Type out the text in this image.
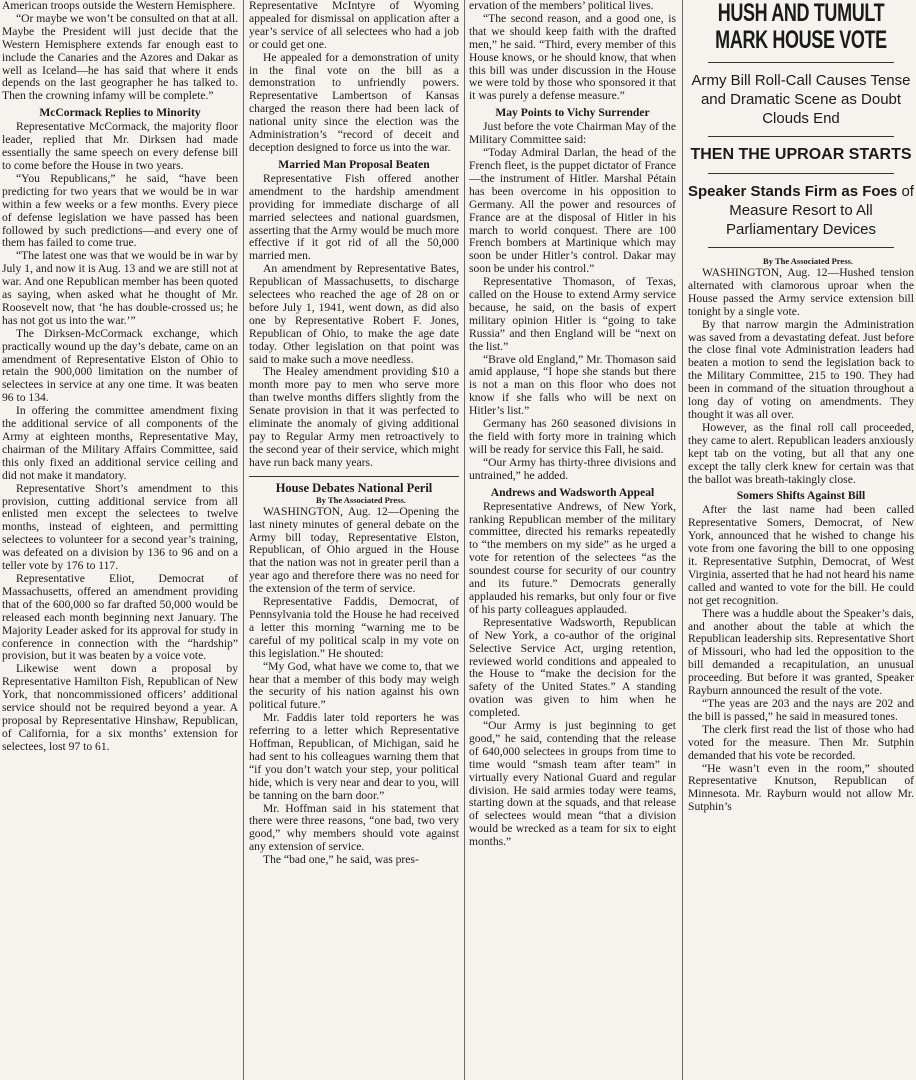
American troops outside the Western Hemisphere.

“Or maybe we won’t be consulted on that at all. Maybe the President will just decide that the Western Hemisphere extends far enough east to include the Canaries and the Azores and Dakar as well as Iceland—he has said that where it ends depends on the last geographer he has talked to. Then the crowning infamy will be complete.”

McCormack Replies to Minority

Representative McCormack, the majority floor leader, replied that Mr. Dirksen had made essentially the same speech on every defense bill to come before the House in two years.

“You Republicans,” he said, “have been predicting for two years that we would be in war within a few weeks or a few months. Every piece of defense legislation we have passed has been followed by such predictions—and every one of them has failed to come true.

“The latest one was that we would be in war by July 1, and now it is Aug. 13 and we are still not at war. And one Republican member has been quoted as saying, when asked what he thought of Mr. Roosevelt now, that ‘he has double-crossed us; he has not got us into the war.’”

The Dirksen-McCormack exchange, which practically wound up the day’s debate, came on an amendment of Representative Elston of Ohio to retain the 900,000 limitation on the number of selectees in service at any one time. It was beaten 96 to 134.

In offering the committee amendment fixing the additional service of all components of the Army at eighteen months, Representative May, chairman of the Military Affairs Committee, said this only fixed an additional service ceiling and did not make it mandatory.

Representative Short’s amendment to this provision, cutting additional service from all enlisted men except the selectees to twelve months, instead of eighteen, and permitting selectees to volunteer for a second year’s training, was defeated on a division by 136 to 96 and on a teller vote by 176 to 117.

Representative Eliot, Democrat of Massachusetts, offered an amendment providing that of the 600,000 so far drafted 50,000 would be released each month beginning next January. The Majority Leader asked for its approval for study in conference in connection with the “hardship” provision, but it was beaten by a voice vote.

Likewise went down a proposal by Representative Hamilton Fish, Republican of New York, that noncommissioned officers’ additional service should not be required beyond a year. A proposal by Representative Hinshaw, Republican, of California, for a six months’ extension for selectees, lost 97 to 61.

Representative McIntyre of Wyoming appealed for dismissal on application after a year’s service of all selectees who had a job or could get one.

He appealed for a demonstration of unity in the final vote on the bill as a demonstration to unfriendly powers. Representative Lambertson of Kansas charged the reason there had been lack of national unity since the election was the Administration’s “record of deceit and deception designed to force us into the war.

Married Man Proposal Beaten

Representative Fish offered another amendment to the hardship amendment providing for immediate discharge of all married selectees and national guardsmen, asserting that the Army would be much more effective if it got rid of all the 50,000 married men.

An amendment by Representative Bates, Republican of Massachusetts, to discharge selectees who reached the age of 28 on or before July 1, 1941, went down, as did also one by Representative Robert F. Jones, Republican of Ohio, to make the age date today. Other legislation on that point was said to make such a move needless.

The Healey amendment providing $10 a month more pay to men who serve more than twelve months differs slightly from the Senate provision in that it was perfected to eliminate the anomaly of giving additional pay to Regular Army men retroactively to the second year of their service, which might have run back many years.

House Debates National Peril

By The Associated Press.

WASHINGTON, Aug. 12—Opening the last ninety minutes of general debate on the Army bill today, Representative Elston, Republican, of Ohio argued in the House that the nation was not in greater peril than a year ago and therefore there was no need for the extension of the term of service.

Representative Faddis, Democrat, of Pennsylvania told the House he had received a letter this morning “warning me to be careful of my political scalp in my vote on this legislation.” He shouted:

“My God, what have we come to, that we hear that a member of this body may weigh the security of his nation against his own political future.”

Mr. Faddis later told reporters he was referring to a letter which Representative Hoffman, Republican, of Michigan, said he had sent to his colleagues warning them that “if you don’t watch your step, your political hide, which is very near and dear to you, will be tanning on the barn door.”

Mr. Hoffman said in his statement that there were three reasons, “one bad, two very good,” why members should vote against any extension of service.

The “bad one,” he said, was pres-

ervation of the members’ political lives.

“The second reason, and a good one, is that we should keep faith with the drafted men,” he said. “Third, every member of this House knows, or he should know, that when this bill was under discussion in the House we were told by those who sponsored it that it was purely a defense measure.”

May Points to Vichy Surrender

Just before the vote Chairman May of the Military Committee said:

“Today Admiral Darlan, the head of the French fleet, is the puppet dictator of France—the instrument of Hitler. Marshal Pétain has been overcome in his opposition to Germany. All the power and resources of France are at the disposal of Hitler in his march to world conquest. There are 100 French bombers at Martinique which may soon be under Hitler’s control. Dakar may soon be under his control.”

Representative Thomason, of Texas, called on the House to extend Army service because, he said, on the basis of expert military opinion Hitler is “going to take Russia” and then England will be “next on the list.”

“Brave old England,” Mr. Thomason said amid applause, “I hope she stands but there is not a man on this floor who does not know if she falls who will be next on Hitler’s list.”

Germany has 260 seasoned divisions in the field with forty more in training which will be ready for service this Fall, he said.

“Our Army has thirty-three divisions and untrained,” he added.

Andrews and Wadsworth Appeal

Representative Andrews, of New York, ranking Republican member of the military committee, directed his remarks repeatedly to “the members on my side” as he urged a vote for retention of the selectees “as the soundest course for security of our country and its future.” Democrats generally applauded his remarks, but only four or five of his party colleagues applauded.

Representative Wadsworth, Republican of New York, a co-author of the original Selective Service Act, urging retention, reviewed world conditions and appealed to the House to “make the decision for the safety of the United States.” A standing ovation was given to him when he completed.

“Our Army is just beginning to get good,” he said, contending that the release of 640,000 selectees in groups from time to time would “smash team after team” in virtually every National Guard and regular division. He said armies today were teams, starting down at the squads, and that release of selectees would mean “that a division would be wrecked as a team for six to eight months.”

HUSH AND TUMULT
MARK HOUSE VOTE
Army Bill Roll-Call Causes Tense and Dramatic Scene as Doubt Clouds End
THEN THE UPROAR STARTS
Speaker Stands Firm as Foes of Measure Resort to All Parliamentary Devices

By The Associated Press.

WASHINGTON, Aug. 12—Hushed tension alternated with clamorous uproar when the House passed the Army service extension bill tonight by a single vote.

By that narrow margin the Administration was saved from a devastating defeat. Just before the close final vote Administration leaders had beaten a motion to send the legislation back to the Military Committee, 215 to 190. They had been in command of the situation throughout a long day of voting on amendments. They thought it was all over.

However, as the final roll call proceeded, they came to alert. Republican leaders anxiously kept tab on the voting, but all that any one except the tally clerk knew for certain was that the ballot was breath-takingly close.

Somers Shifts Against Bill

After the last name had been called Representative Somers, Democrat, of New York, announced that he wished to change his vote from one favoring the bill to one opposing it. Representative Sutphin, Democrat, of West Virginia, asserted that he had not heard his name called and wanted to vote for the bill. He could not get recognition.

There was a huddle about the Speaker’s dais, and another about the table at which the Republican leadership sits. Representative Short of Missouri, who had led the opposition to the bill demanded a recapitulation, an unusual proceeding. But before it was granted, Speaker Rayburn announced the result of the vote.

“The yeas are 203 and the nays are 202 and the bill is passed,” he said in measured tones.

The clerk first read the list of those who had voted for the measure. Then Mr. Sutphin demanded that his vote be recorded.

“He wasn’t even in the room,” shouted Representative Knutson, Republican of Minnesota. Mr. Rayburn would not allow Mr. Sutphin’s
